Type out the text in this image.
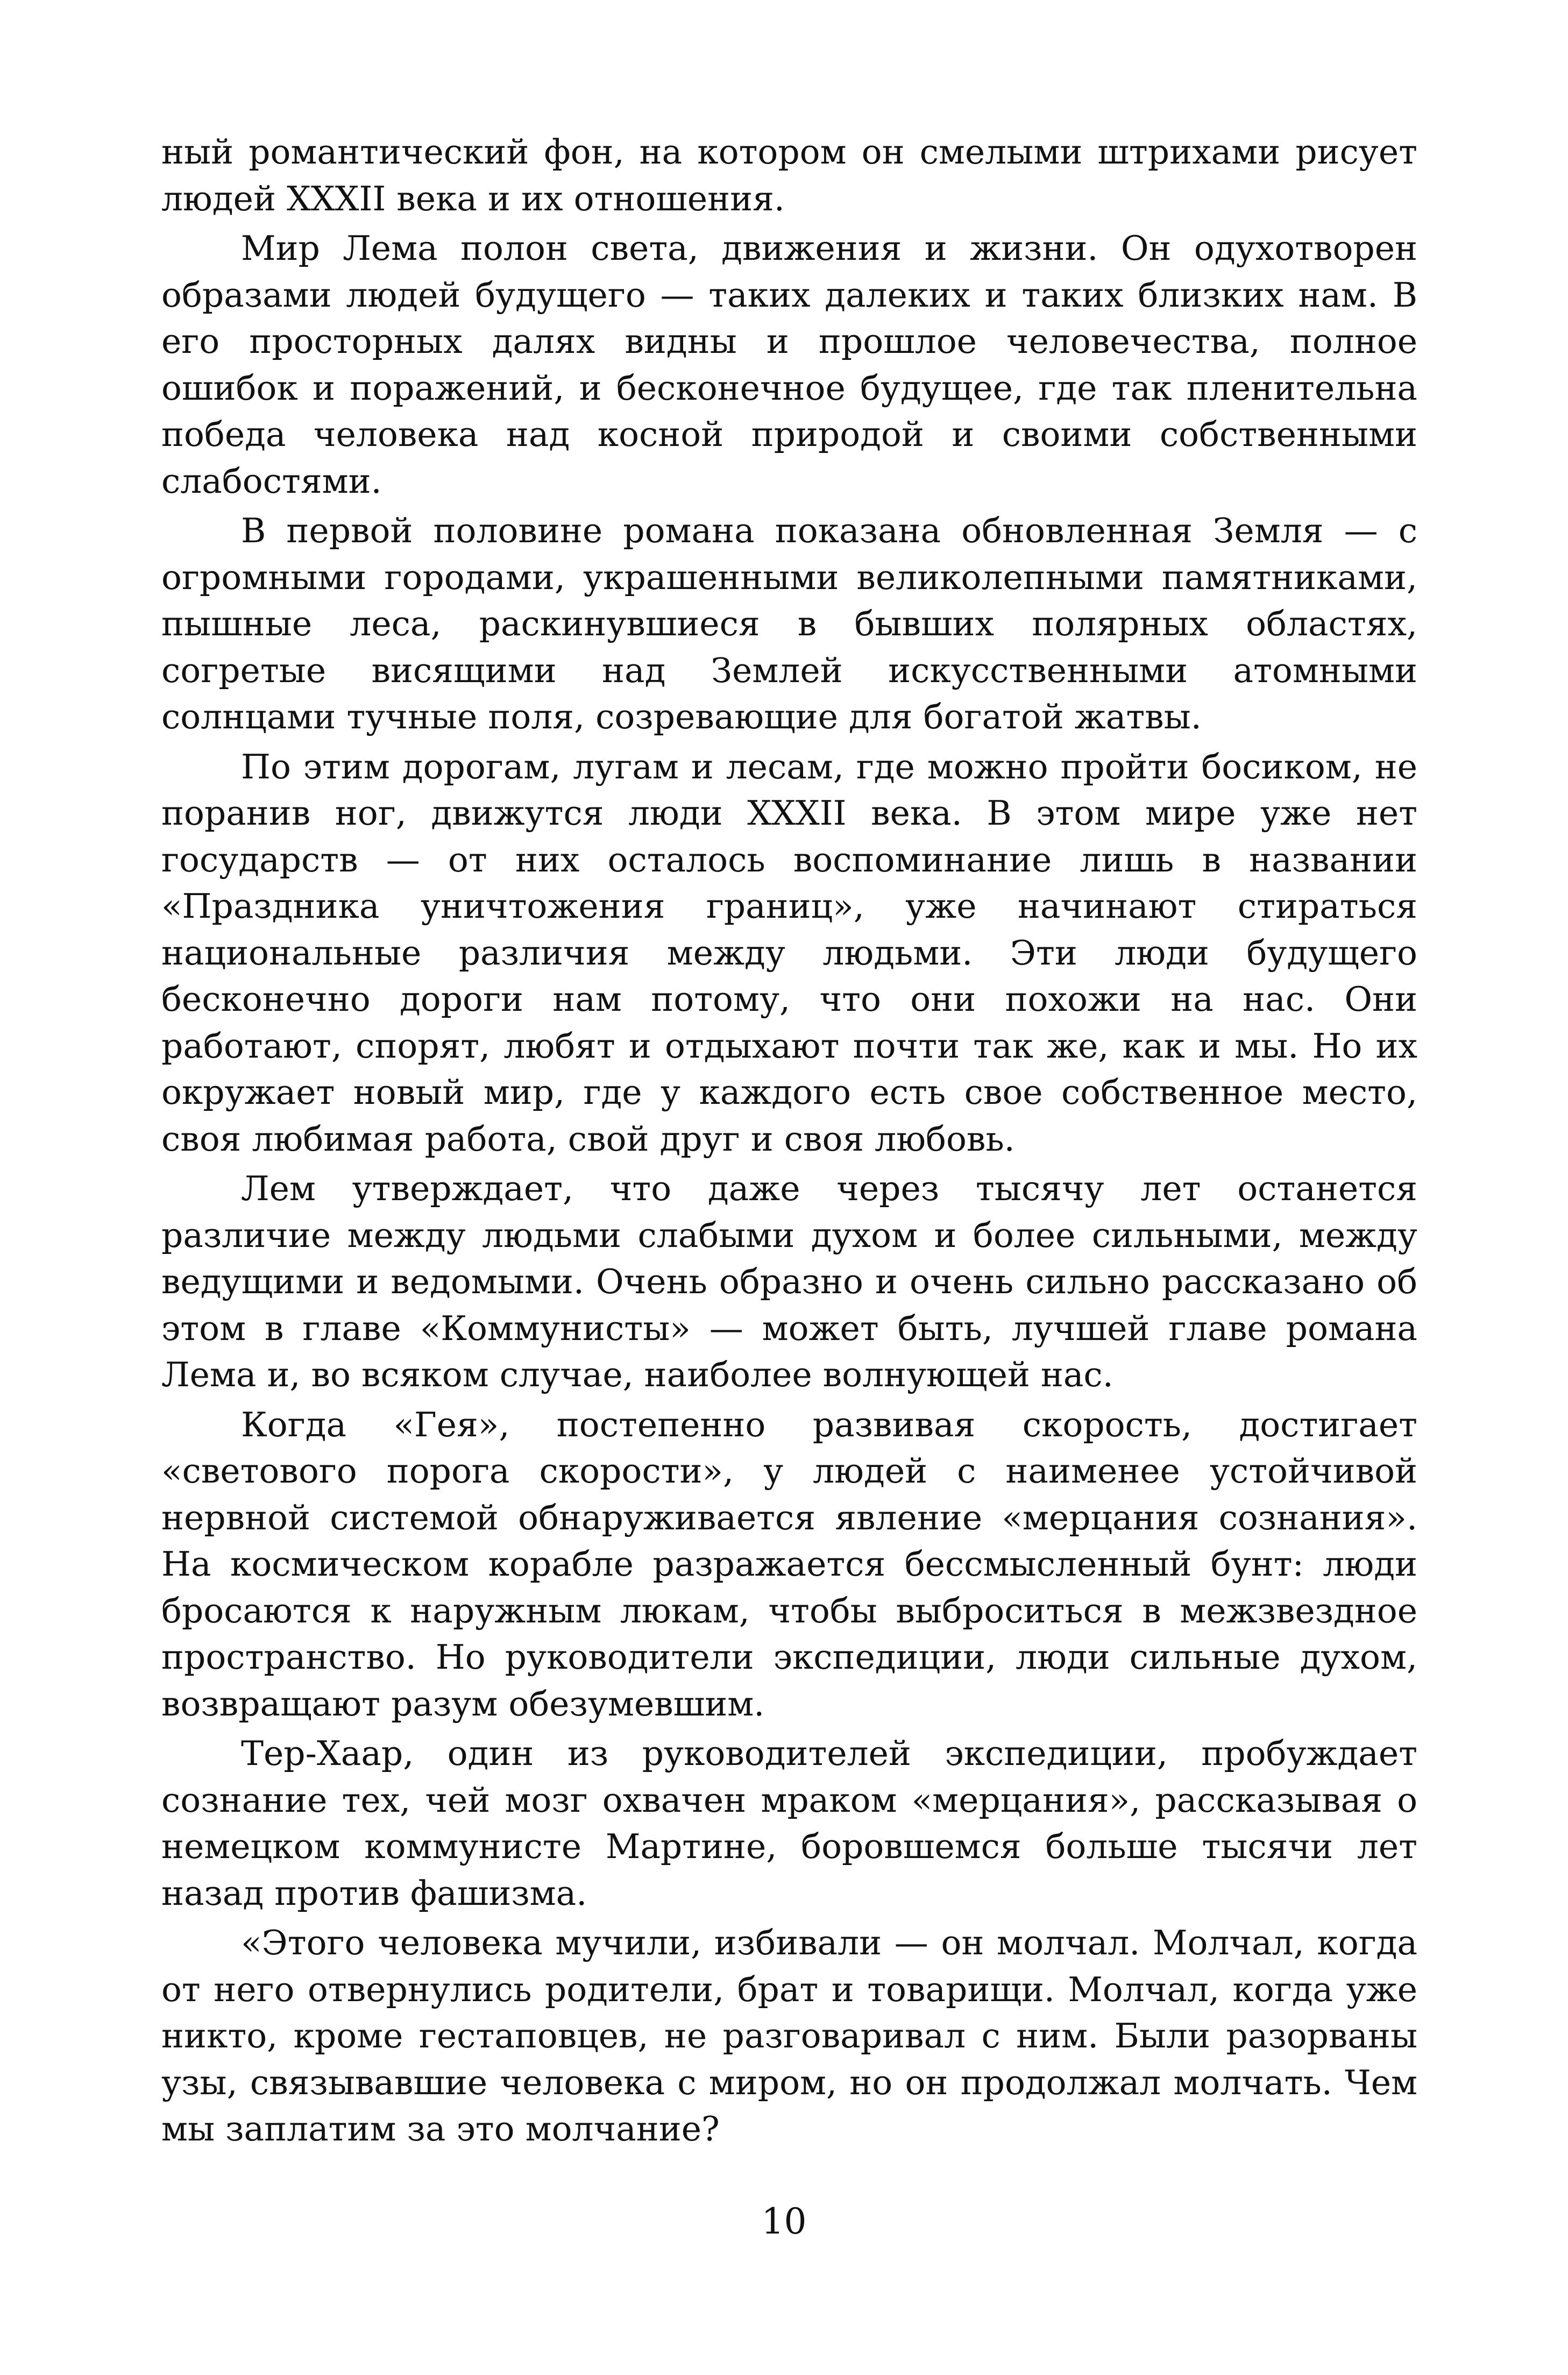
ный романтический фон, на котором он смелыми штрихами рисует людей XXXII века и их отношения.

Мир Лема полон света, движения и жизни. Он одухотворен образами людей будущего — таких далеких и таких близких нам. В его просторных далях видны и прошлое человечества, полное ошибок и поражений, и бесконечное будущее, где так пленительна победа человека над косной природой и своими собственными слабостями.

В первой половине романа показана обновленная Земля — с огромными городами, украшенными великолепными памятниками, пышные леса, раскинувшиеся в бывших полярных областях, согретые висящими над Землей искусственными атомными солнцами тучные поля, созревающие для богатой жатвы.

По этим дорогам, лугам и лесам, где можно пройти босиком, не поранив ног, движутся люди XXXII века. В этом мире уже нет государств — от них осталось воспоминание лишь в названии «Праздника уничтожения границ», уже начинают стираться национальные различия между людьми. Эти люди будущего бесконечно дороги нам потому, что они похожи на нас. Они работают, спорят, любят и отдыхают почти так же, как и мы. Но их окружает новый мир, где у каждого есть свое собственное место, своя любимая работа, свой друг и своя любовь.

Лем утверждает, что даже через тысячу лет останется различие между людьми слабыми духом и более сильными, между ведущими и ведомыми. Очень образно и очень сильно рассказано об этом в главе «Коммунисты» — может быть, лучшей главе романа Лема и, во всяком случае, наиболее волнующей нас.

Когда «Гея», постепенно развивая скорость, достигает «светового порога скорости», у людей с наименее устойчивой нервной системой обнаруживается явление «мерцания сознания». На космическом корабле разражается бессмысленный бунт: люди бросаются к наружным люкам, чтобы выброситься в межзвездное пространство. Но руководители экспедиции, люди сильные духом, возвращают разум обезумевшим.

Тер-Хаар, один из руководителей экспедиции, пробуждает сознание тех, чей мозг охвачен мраком «мерцания», рассказывая о немецком коммунисте Мартине, боровшемся больше тысячи лет назад против фашизма.

«Этого человека мучили, избивали — он молчал. Молчал, когда от него отвернулись родители, брат и товарищи. Молчал, когда уже никто, кроме гестаповцев, не разговаривал с ним. Были разорваны узы, связывавшие человека с миром, но он продолжал молчать. Чем мы заплатим за это молчание?

10
